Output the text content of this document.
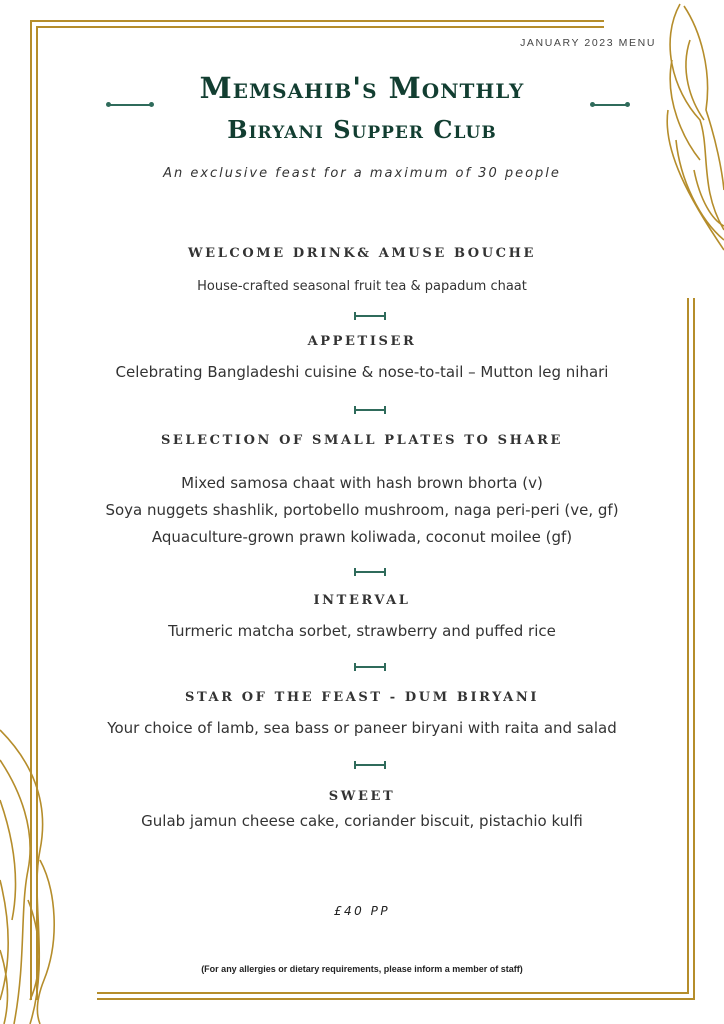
JANUARY 2023 MENU
Memsahib's Monthly
Biryani Supper Club
An exclusive feast for a maximum of 30 people
WELCOME DRINK& AMUSE BOUCHE
House-crafted seasonal fruit tea & papadum chaat
APPETISER
Celebrating Bangladeshi cuisine & nose-to-tail – Mutton leg nihari
SELECTION OF SMALL PLATES TO SHARE
Mixed samosa chaat with hash brown bhorta (v)
Soya nuggets shashlik, portobello mushroom, naga peri-peri (ve, gf)
Aquaculture-grown prawn koliwada, coconut moilee (gf)
INTERVAL
Turmeric matcha sorbet, strawberry and puffed rice
STAR OF THE FEAST - DUM BIRYANI
Your choice of lamb, sea bass or paneer biryani with raita and salad
SWEET
Gulab jamun cheese cake, coriander biscuit, pistachio kulfi
£40 PP
(For any allergies or dietary requirements, please inform a member of staff)
